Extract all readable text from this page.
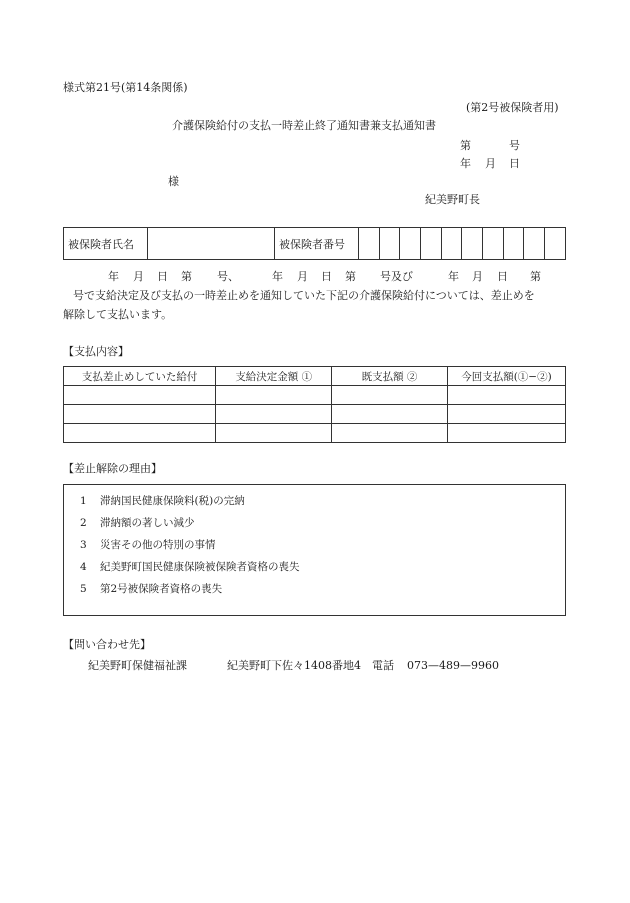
様式第21号(第14条関係)
(第2号被保険者用)
介護保険給付の支払一時差止終了通知書兼支払通知書
第	号
年 月 日
様
紀美野町長
被保険者氏名		被保険者番号										
年 月 日 第 号、	年 月 日 第 号及び	年 月 日 第
号で支給決定及び支払の一時差止めを通知していた下記の介護保険給付については、差止めを
解除して支払います。
【支払内容】
支払差止めしていた給付	支給決定金額 ①	既支払額 ②	今回支払額(①−②)

【差止解除の理由】
1 滞納国民健康保険料(税)の完納
2 滞納額の著しい減少
3 災害その他の特別の事情
4 紀美野町国民健康保険被保険者資格の喪失
5 第2号被保険者資格の喪失
【問い合わせ先】
紀美野町保健福祉課	紀美野町下佐々1408番地4 電話 073—489—9960
